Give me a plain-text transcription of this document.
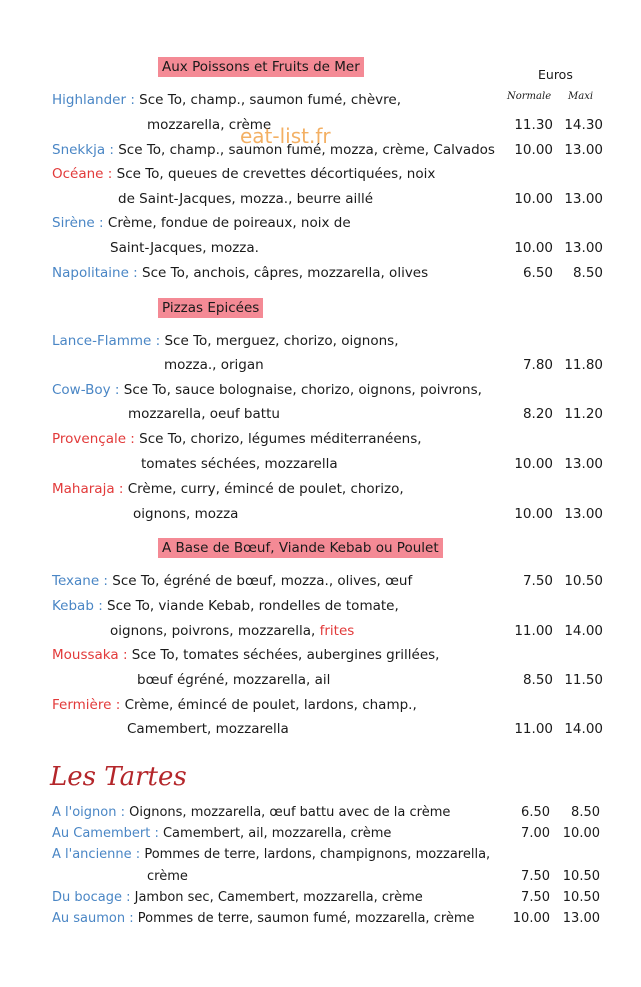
Euros
Normale Maxi
Aux Poissons et Fruits de Mer
Highlander : Sce To, champ., saumon fumé, chèvre,
mozzarella, crème	11.30 14.30
eat-list.fr
Snekkja : Sce To, champ., saumon fumé, mozza, crème, Calvados 10.00 13.00
Océane : Sce To, queues de crevettes décortiquées, noix
de Saint-Jacques, mozza., beurre aillé	10.00 13.00
Sirène : Crème, fondue de poireaux, noix de
Saint-Jacques, mozza.	10.00 13.00
Napolitaine : Sce To, anchois, câpres, mozzarella, olives	6.50 8.50
Pizzas Epicées
Lance-Flamme : Sce To, merguez, chorizo, oignons,
mozza., origan	7.80 11.80
Cow-Boy : Sce To, sauce bolognaise, chorizo, oignons, poivrons,
mozzarella, oeuf battu	8.20 11.20
Provençale : Sce To, chorizo, légumes méditerranéens,
tomates séchées, mozzarella	10.00 13.00
Maharaja : Crème, curry, émincé de poulet, chorizo,
oignons, mozza	10.00 13.00
A Base de Bœuf, Viande Kebab ou Poulet
Texane : Sce To, égréné de bœuf, mozza., olives, œuf	7.50 10.50
Kebab : Sce To, viande Kebab, rondelles de tomate,
oignons, poivrons, mozzarella, frites	11.00 14.00
Moussaka : Sce To, tomates séchées, aubergines grillées,
bœuf égréné, mozzarella, ail	8.50 11.50
Fermière : Crème, émincé de poulet, lardons, champ.,
Camembert, mozzarella	11.00 14.00
Les Tartes
A l'oignon : Oignons, mozzarella, œuf battu avec de la crème	6.50 8.50
Au Camembert : Camembert, ail, mozzarella, crème	7.00 10.00
A l'ancienne : Pommes de terre, lardons, champignons, mozzarella,
crème	7.50 10.50
Du bocage : Jambon sec, Camembert, mozzarella, crème	7.50 10.50
Au saumon : Pommes de terre, saumon fumé, mozzarella, crème	10.00 13.00
